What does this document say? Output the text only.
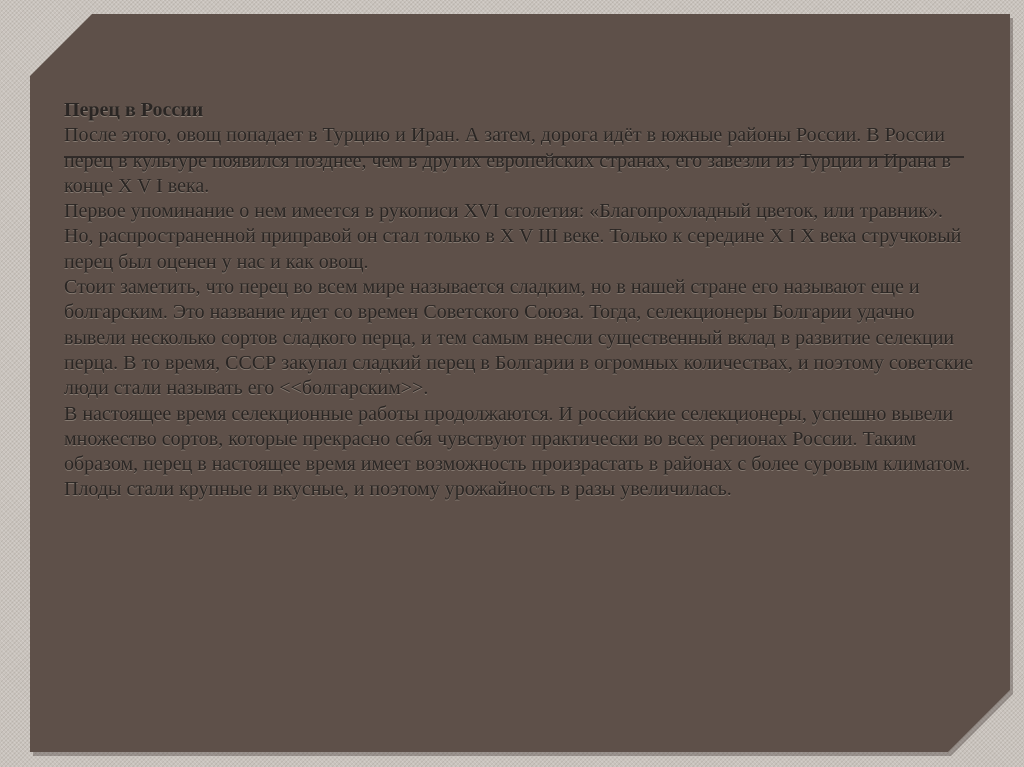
Перец в России
После этого, овощ попадает в Турцию и Иран. А затем, дорога идёт в южные районы России. В России перец в культуре появился позднее, чем в других европейских странах, его завезли из Турции и Ирана в конце X V I века.
Первое упоминание о нем имеется в рукописи XVI столетия: «Благопрохладный цветок, или травник». Но, распространенной приправой он стал только в X V III веке. Только к середине X I X века стручковый перец был оценен у нас и как овощ.
Стоит заметить, что перец во всем мире называется сладким, но в нашей стране его называют еще и болгарским. Это название идет со времен Советского Союза. Тогда, селекционеры Болгарии удачно вывели несколько сортов сладкого перца, и тем самым внесли существенный вклад в развитие селекции перца. В то время, СССР закупал сладкий перец в Болгарии в огромных количествах, и поэтому советские люди стали называть его <<болгарским>>.
В настоящее время селекционные работы продолжаются. И российские селекционеры, успешно вывели множество сортов, которые прекрасно себя чувствуют практически во всех регионах России. Таким образом, перец в настоящее время имеет возможность произрастать в районах с более суровым климатом. Плоды стали крупные и вкусные, и поэтому урожайность в разы увеличилась.
